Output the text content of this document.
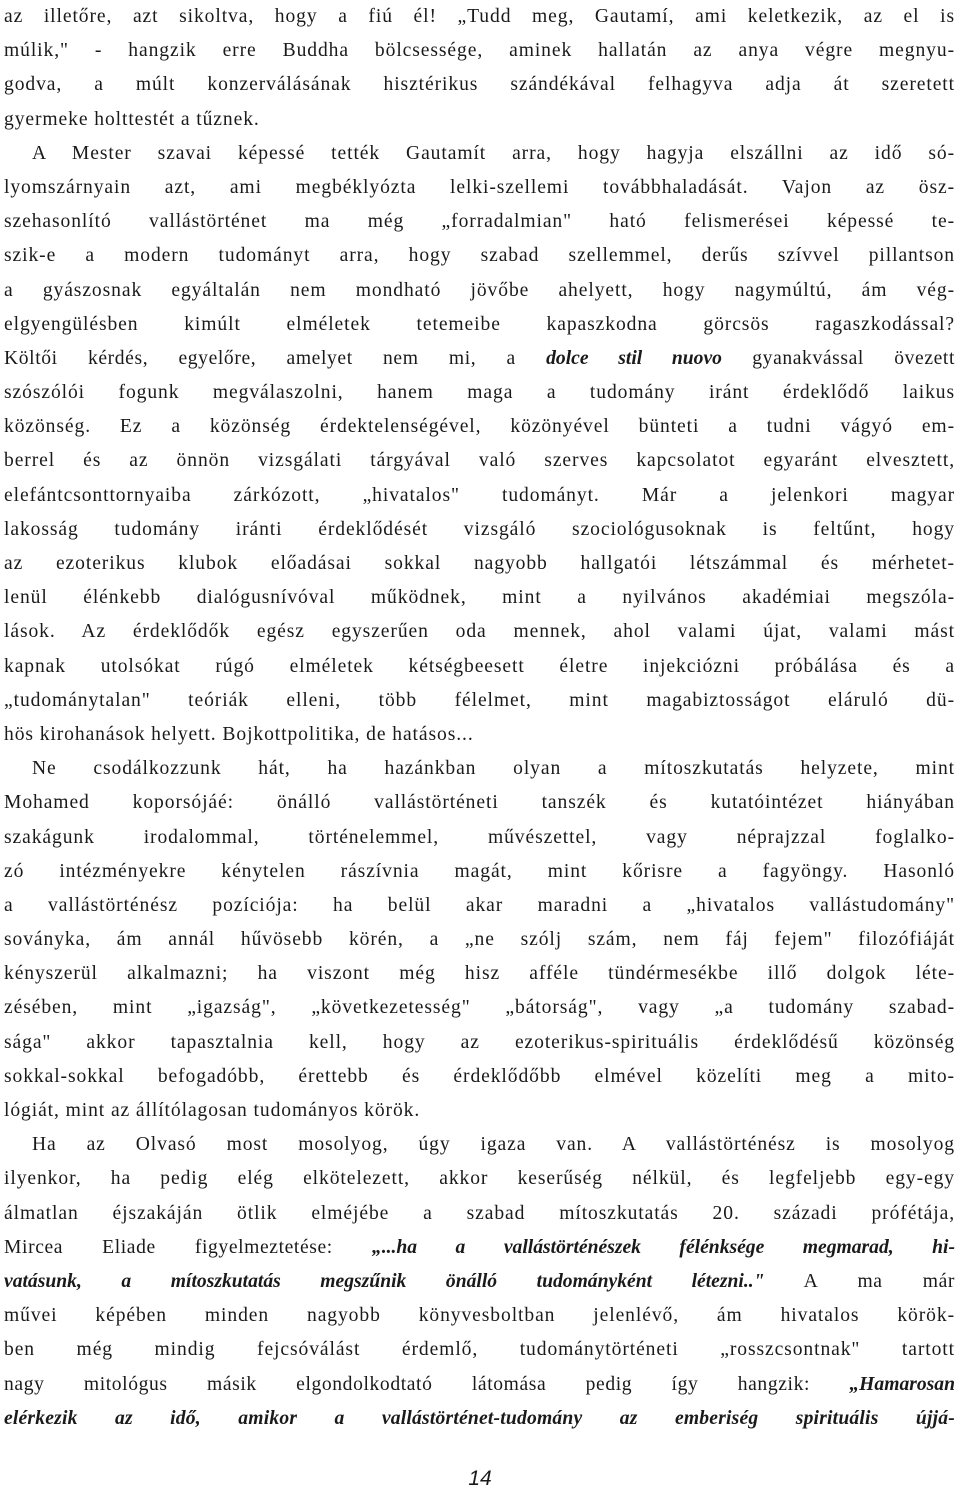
az illetőre, azt sikoltva, hogy a fiú él! „Tudd meg, Gautamí, ami keletkezik, az el is
múlik," - hangzik erre Buddha bölcsessége, aminek hallatán az anya végre megnyu-
godva, a múlt konzerválásának hisztérikus szándékával felhagyva adja át szeretett
gyermeke holttestét a tűznek.
A Mester szavai képessé tették Gautamít arra, hogy hagyja elszállni az idő só-
lyomszárnyain azt, ami megbéklyózta lelki-szellemi továbbhaladását. Vajon az ösz-
szehasonlító vallástörténet ma még „forradalmian" ható felismerései képessé te-
szik-e a modern tudományt arra, hogy szabad szellemmel, derűs szívvel pillantson
a gyászosnak egyáltalán nem mondható jövőbe ahelyett, hogy nagymúltú, ám vég-
elgyengülésben kimúlt elméletek tetemeibe kapaszkodna görcsös ragaszkodással?
Költői kérdés, egyelőre, amelyet nem mi, a dolce stil nuovo gyanakvással övezett
szószólói fogunk megválaszolni, hanem maga a tudomány iránt érdeklődő laikus
közönség. Ez a közönség érdektelenségével, közönyével bünteti a tudni vágyó em-
berrel és az önnön vizsgálati tárgyával való szerves kapcsolatot egyaránt elvesztett,
elefántcsonttornyaiba zárkózott, „hivatalos" tudományt. Már a jelenkori magyar
lakosság tudomány iránti érdeklődését vizsgáló szociológusoknak is feltűnt, hogy
az ezoterikus klubok előadásai sokkal nagyobb hallgatói létszámmal és mérhetet-
lenül élénkebb dialógusnívóval működnek, mint a nyilvános akadémiai megszóla-
lások. Az érdeklődők egész egyszerűen oda mennek, ahol valami újat, valami mást
kapnak utolsókat rúgó elméletek kétségbeesett életre injekciózni próbálása és a
„tudománytalan" teóriák elleni, több félelmet, mint magabiztosságot eláruló dü-
hös kirohanások helyett. Bojkottpolitika, de hatásos...
Ne csodálkozzunk hát, ha hazánkban olyan a mítoszkutatás helyzete, mint
Mohamed koporsójáé: önálló vallástörténeti tanszék és kutatóintézet hiányában
szakágunk irodalommal, történelemmel, művészettel, vagy néprajzzal foglalko-
zó intézményekre kénytelen rászívnia magát, mint kőrisre a fagyöngy. Hasonló
a vallástörténész pozíciója: ha belül akar maradni a „hivatalos vallástudomány"
soványka, ám annál hűvösebb körén, a „ne szólj szám, nem fáj fejem" filozófiáját
kényszerül alkalmazni; ha viszont még hisz afféle tündérmesékbe illő dolgok léte-
zésében, mint „igazság", „következetesség" „bátorság", vagy „a tudomány szabad-
sága" akkor tapasztalnia kell, hogy az ezoterikus-spirituális érdeklődésű közönség
sokkal-sokkal befogadóbb, érettebb és érdeklődőbb elmével közelíti meg a mito-
lógiát, mint az állítólagosan tudományos körök.
Ha az Olvasó most mosolyog, úgy igaza van. A vallástörténész is mosolyog
ilyenkor, ha pedig elég elkötelezett, akkor keserűség nélkül, és legfeljebb egy-egy
álmatlan éjszakáján ötlik elméjébe a szabad mítoszkutatás 20. századi prófétája,
Mircea Eliade figyelmeztetése: „...ha a vallástörténészek félénksége megmarad, hi-
vatásunk, a mítoszkutatás megszűnik önálló tudományként létezni.." A ma már
művei képében minden nagyobb könyvesboltban jelenlévő, ám hivatalos körök-
ben még mindig fejcsóválást érdemlő, tudománytörténeti „rosszcsontnak" tartott
nagy mitológus másik elgondolkodtató látomása pedig így hangzik: „Hamarosan
elérkezik az idő, amikor a vallástörténet-tudomány az emberiség spirituális újjá-
14
